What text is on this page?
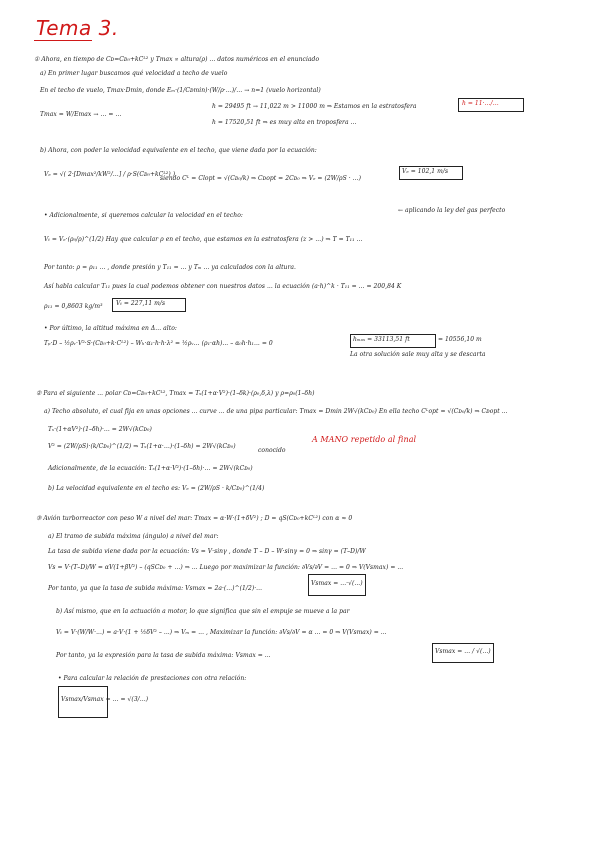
Tema 3.
① Ahora, en tiempo de Cᴅ=Cᴅ₀+kCᴸ² y Tmax ∝ altura(ρ) ... datos numéricos en el enunciado
a) En primer lugar buscamos qué velocidad a techo de vuelo
En el techo de vuelo, Tmax·Dmin, donde Eₘ·(1/Cᴅmin)·(W/ρ·…)/… → n=1 (vuelo horizontal)
Tmax = W/Emax → … = …
h = 29495 ft → 11,022 m > 11000 m ⇒ Estamos en la estratosfera
h = 17520,51 ft ⇒ es muy alta en troposfera ...
h = 11·…/…
b) Ahora, con poder la velocidad equivalente en el techo, que viene dada por la ecuación:
Vₑ = √( 2·[Dmax²/kW²/…] / ρ·S(Cᴅ₀+kCᴸ²) )
siendo Cᴸ = Clopt = √(Cᴅ₀/k) ⇒ Cᴅopt = 2Cᴅ₀ ⇒ Vₑ = (2W/ρS · …)
Vₑ = 102,1 m/s
• Adicionalmente, si queremos calcular la velocidad en el techo:
← aplicando la ley del gas perfecto
Vₜ = Vₑ·(ρ₀/ρ)^(1/2) Hay que calcular ρ en el techo, que estamos en la estratosfera (z > ...) ⇒ T = T₁₁ ...
Por tanto: ρ = ρ₁₁ ... , donde presión y T₁₁ = ... y Tₘ ... ya calculados con la altura.
Así habla calcular T₁₁ pues la cual podemos obtener con nuestros datos ... la ecuación (a·h)^k · T₁₁ = ... = 200,84 K
ρ₁₁ = 0,8603 kg/m³ Vₜ = 227,11 m/s
• Por último, la altitud máxima en Δ... alto:
Tₚ·D – ½ρᵥ·V²·S·(Cᴅ₀+k·Cᴸ²) – Wₕ·α₁·h·h·λ² = ½ρᵥ... (ρ₁·αh)... – α₀h·h₁... = 0
hₘₐₓ = 33113,51 ft	= 10556,10 m
La otra solución sale muy alta y se descarta
② Para el siguiente ... polar Cᴅ=Cᴅ₀+kCᴸ², Tmax = Tₛ(1+α·V²)·(1–δk)·(ρ₀,δ,λ) y ρ=ρ₀(1–δh)
a) Techo absoluto, el cual fija en unas opciones ... curve ... de una pipa particular: Tmax = Dmin 2W√(kCᴅ₀) En ella techo Cᴸopt = √(Cᴅ₀/k) ⇒ Cᴅopt ...
Tₛ·(1+αV²)·(1–δh)·... = 2W√(kCᴅ₀)
V² = (2W/ρS)·(k/Cᴅ₀)^(1/2) ⇒ Tₛ(1+α·…)·(1–δh) = 2W√(kCᴅ₀)
conocido
A MANO repetido al final
Adicionalmente, de la ecuación: Tₛ(1+α·V²)·(1–δh)·… = 2W√(kCᴅ₀)
b) La velocidad equivalente en el techo es: Vₑ = (2W/ρS · k/Cᴅ₀)^(1/4)
③ Avión turborreactor con peso W a nivel del mar: Tmax = α·W·(1+δV²) ; D = qS(Cᴅ₀+kCᴸ²) con α ≈ 0
a) El tramo de subida máxima (ángulo) a nivel del mar:
La tasa de subida viene dada por la ecuación: Vs = V·sinγ , donde T – D – W·sinγ = 0 ⇒ sinγ = (T–D)/W
Vs = V·(T–D)/W = αV(1+βV²) – (qSCᴅ₀ + ...) ⇒ ... Luego por maximizar la función: ∂Vs/∂V = ... = 0 ⇒ V(Vsmax) = ...
Por tanto, ya que la tasa de subida máxima: Vsmax = 2a·(...)^(1/2)·...
Vsmax = ...·√(...)
b) Así mismo, que en la actuación a motor, lo que significa que sin el empuje se mueve a la par
Vₜ = V·(W/W·...) = a·V·(1 + ½δV² – ...) ⇒ Vₘ = ... , Maximizar la función: ∂Vs/∂V = α ... = 0 ⇒ V(Vsmax) = ...
Por tanto, ya la expresión para la tasa de subida máxima: Vsmax = ...
Vsmax = ... / √(...)
• Para calcular la relación de prestaciones con otra relación:
Vsmax/Vsmax = ... = √(3/…)
